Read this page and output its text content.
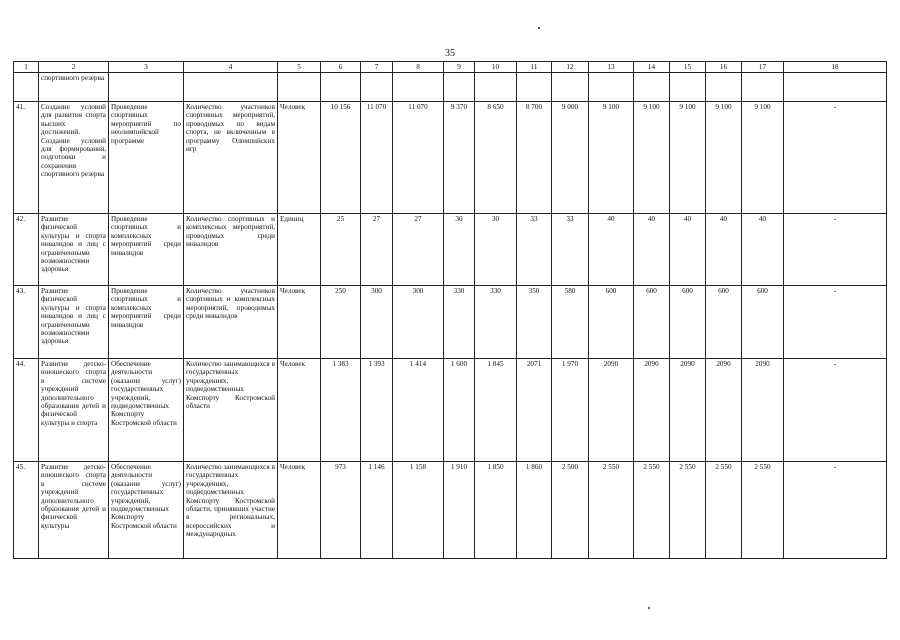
35
1	2	3	4	5	6	7	8	9	10	11	12	13	14	15	16	17	18
	спортивного резерва																
41.	Создание условий для развития спорта высших достижений. Создание условий для формирования, подготовки и сохранения спортивного резерва	Проведение спортивных мероприятий по неолимпийской программе	Количество участников спортивных мероприятий, проводимых по видам спорта, не включенным в программу Олимпийских игр	Человек	10 156	11 070	11 070	9 370	8 650	8 700	9 000	9 100	9 100	9 100	9 100	9 100	-
42.	Развитие физической культуры и спорта инвалидов и лиц с ограниченными возможностями здоровья	Проведение спортивных и комплексных мероприятий среди инвалидов	Количество спортивных и комплексных мероприятий, проводимых среди инвалидов	Единиц	25	27	27	30	30	33	33	40	40	40	40	40	-
43.	Развитие физической культуры и спорта инвалидов и лиц с ограниченными возможностями здоровья	Проведение спортивных и комплексных мероприятий среди инвалидов	Количество участников спортивных и комплексных мероприятий, проводимых среди инвалидов	Человек	250	300	300	330	330	350	580	600	600	600	600	600	-
44.	Развитие детско-юношеского спорта в системе учреждений дополнительного образования детей и физической культуры и спорта	Обеспечение деятельности (оказание услуг) государственных учреждений, подведомственных Комспорту Костромской области	Количество занимающихся в государственных учреждениях, подведомственных Комспорту Костромской области	Человек	1 383	1 393	1 414	1 600	1 845	2071	1 970	2090	2090	2090	2090	2090	-
45.	Развитие детско-юношеского спорта в системе учреждений дополнительного образования детей и физической культуры	Обеспечение деятельности (оказание услуг) государственных учреждений, подведомственных Комспорту Костромской области	Количество занимающихся в государственных учреждениях, подведомственных Комспорту Костромской области, принявших участие в региональных, всероссийских и международных	Человек	973	1 146	1 158	1 910	1 850	1 860	2 500	2 550	2 550	2 550	2 550	2 550	-
